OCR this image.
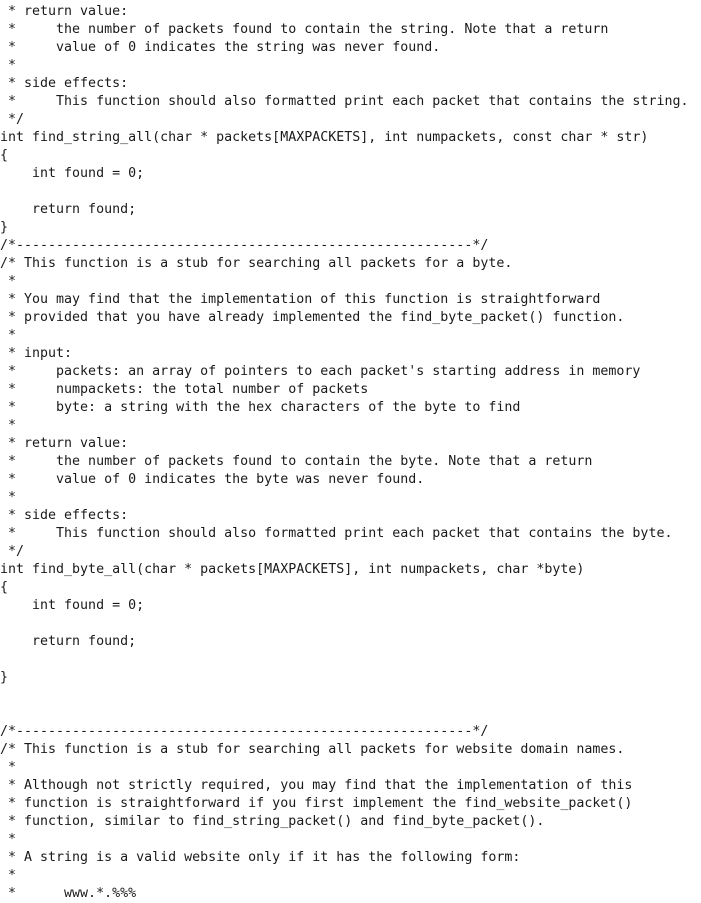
* return value:
*     the number of packets found to contain the string. Note that a return
*     value of 0 indicates the string was never found.
*
* side effects:
*     This function should also formatted print each packet that contains the string.
*/
int find_string_all(char * packets[MAXPACKETS], int numpackets, const char * str)
{
int found = 0;
return found;
}
/*---------------------------------------------------------*/
/* This function is a stub for searching all packets for a byte.
*
* You may find that the implementation of this function is straightforward
* provided that you have already implemented the find_byte_packet() function.
*
* input:
*     packets: an array of pointers to each packet's starting address in memory
*     numpackets: the total number of packets
*     byte: a string with the hex characters of the byte to find
*
* return value:
*     the number of packets found to contain the byte. Note that a return
*     value of 0 indicates the byte was never found.
*
* side effects:
*     This function should also formatted print each packet that contains the byte.
*/
int find_byte_all(char * packets[MAXPACKETS], int numpackets, char *byte)
{
int found = 0;
return found;
}
/*---------------------------------------------------------*/
/* This function is a stub for searching all packets for website domain names.
*
* Although not strictly required, you may find that the implementation of this
* function is straightforward if you first implement the find_website_packet()
* function, similar to find_string_packet() and find_byte_packet().
*
* A string is a valid website only if it has the following form:
*
*      www.*.%%%
